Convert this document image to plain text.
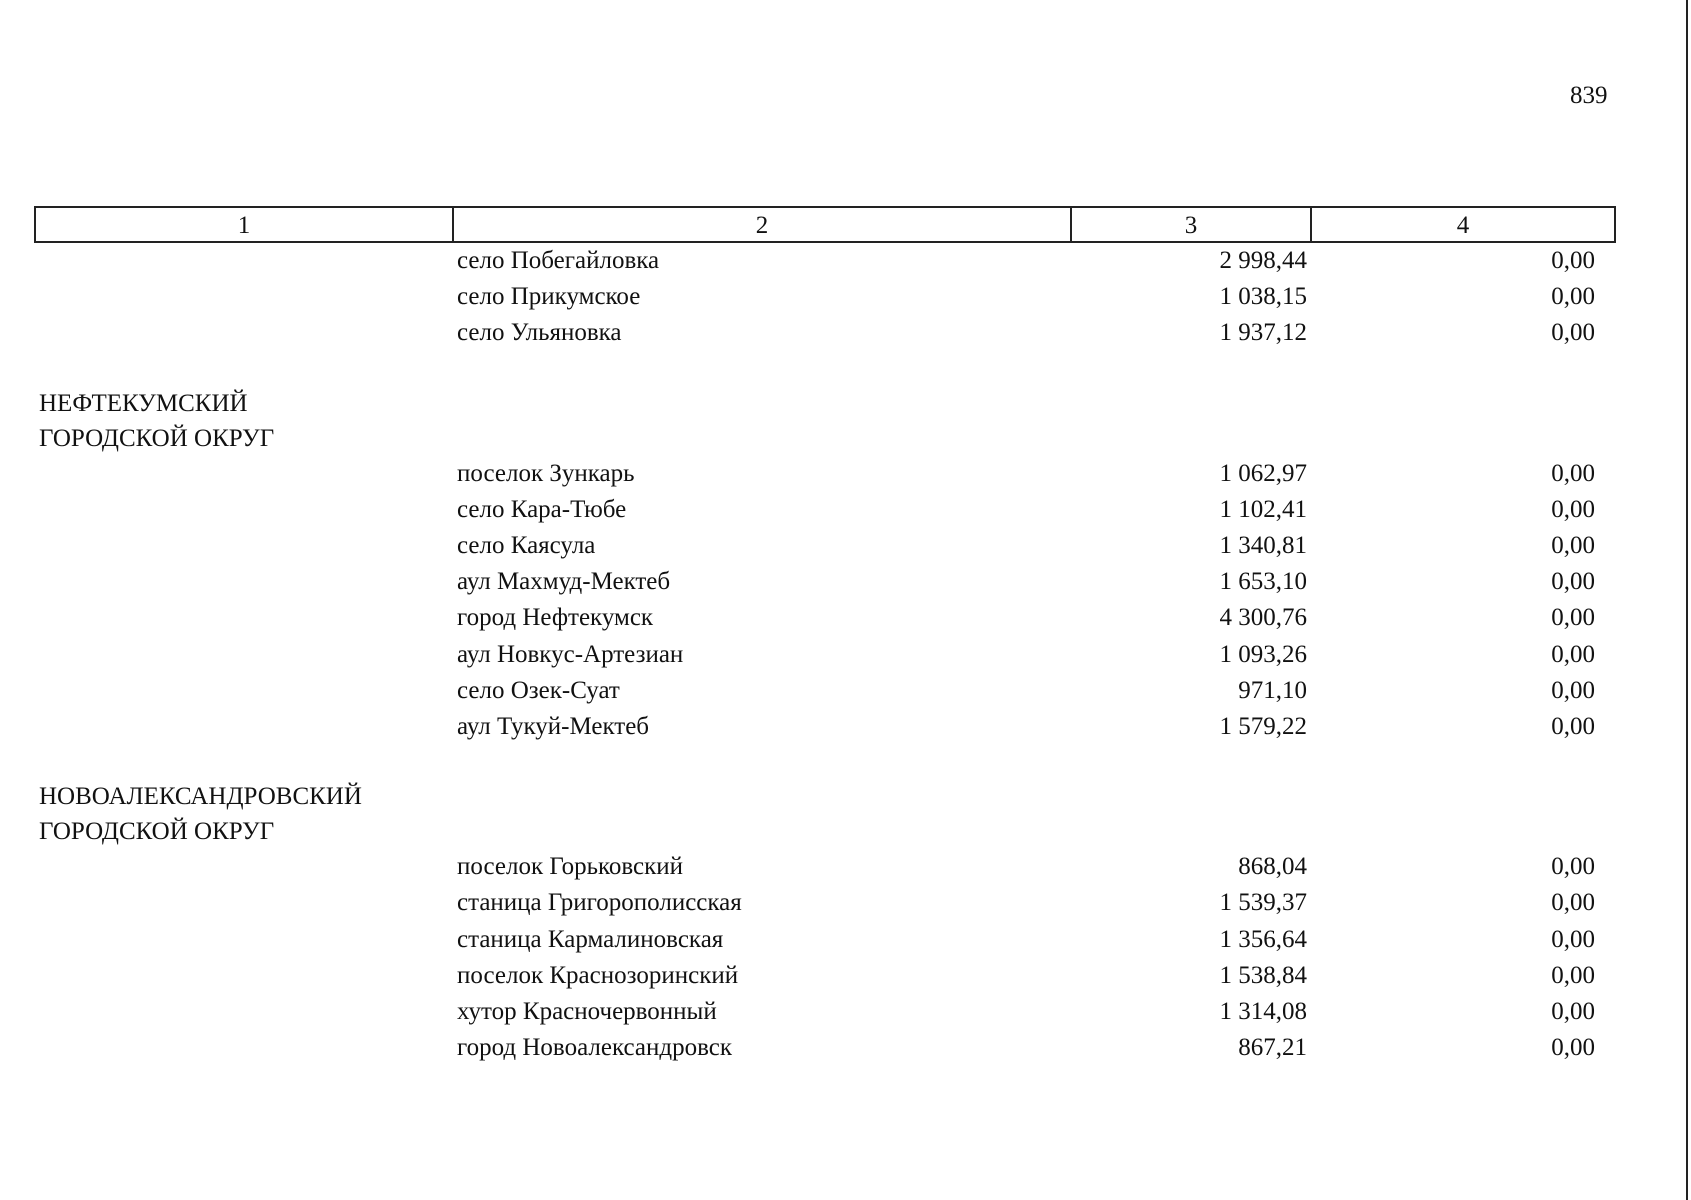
839
1	2	3	4
	село Побегайловка	2 998,44	0,00
	село Прикумское	1 038,15	0,00
	село Ульяновка	1 937,12	0,00

НЕФТЕКУМСКИЙ
ГОРОДСКОЙ ОКРУГ			

	поселок Зункарь	1 062,97	0,00
	село Кара-Тюбе	1 102,41	0,00
	село Каясула	1 340,81	0,00
	аул Махмуд-Мектеб	1 653,10	0,00
	город Нефтекумск	4 300,76	0,00
	аул Новкус-Артезиан	1 093,26	0,00
	село Озек-Суат	971,10	0,00
	аул Тукуй-Мектеб	1 579,22	0,00

НОВОАЛЕКСАНДРОВСКИЙ
ГОРОДСКОЙ ОКРУГ			

	поселок Горьковский	868,04	0,00
	станица Григорополисская	1 539,37	0,00
	станица Кармалиновская	1 356,64	0,00
	поселок Краснозоринский	1 538,84	0,00
	хутор Красночервонный	1 314,08	0,00
	город Новоалександровск	867,21	0,00
